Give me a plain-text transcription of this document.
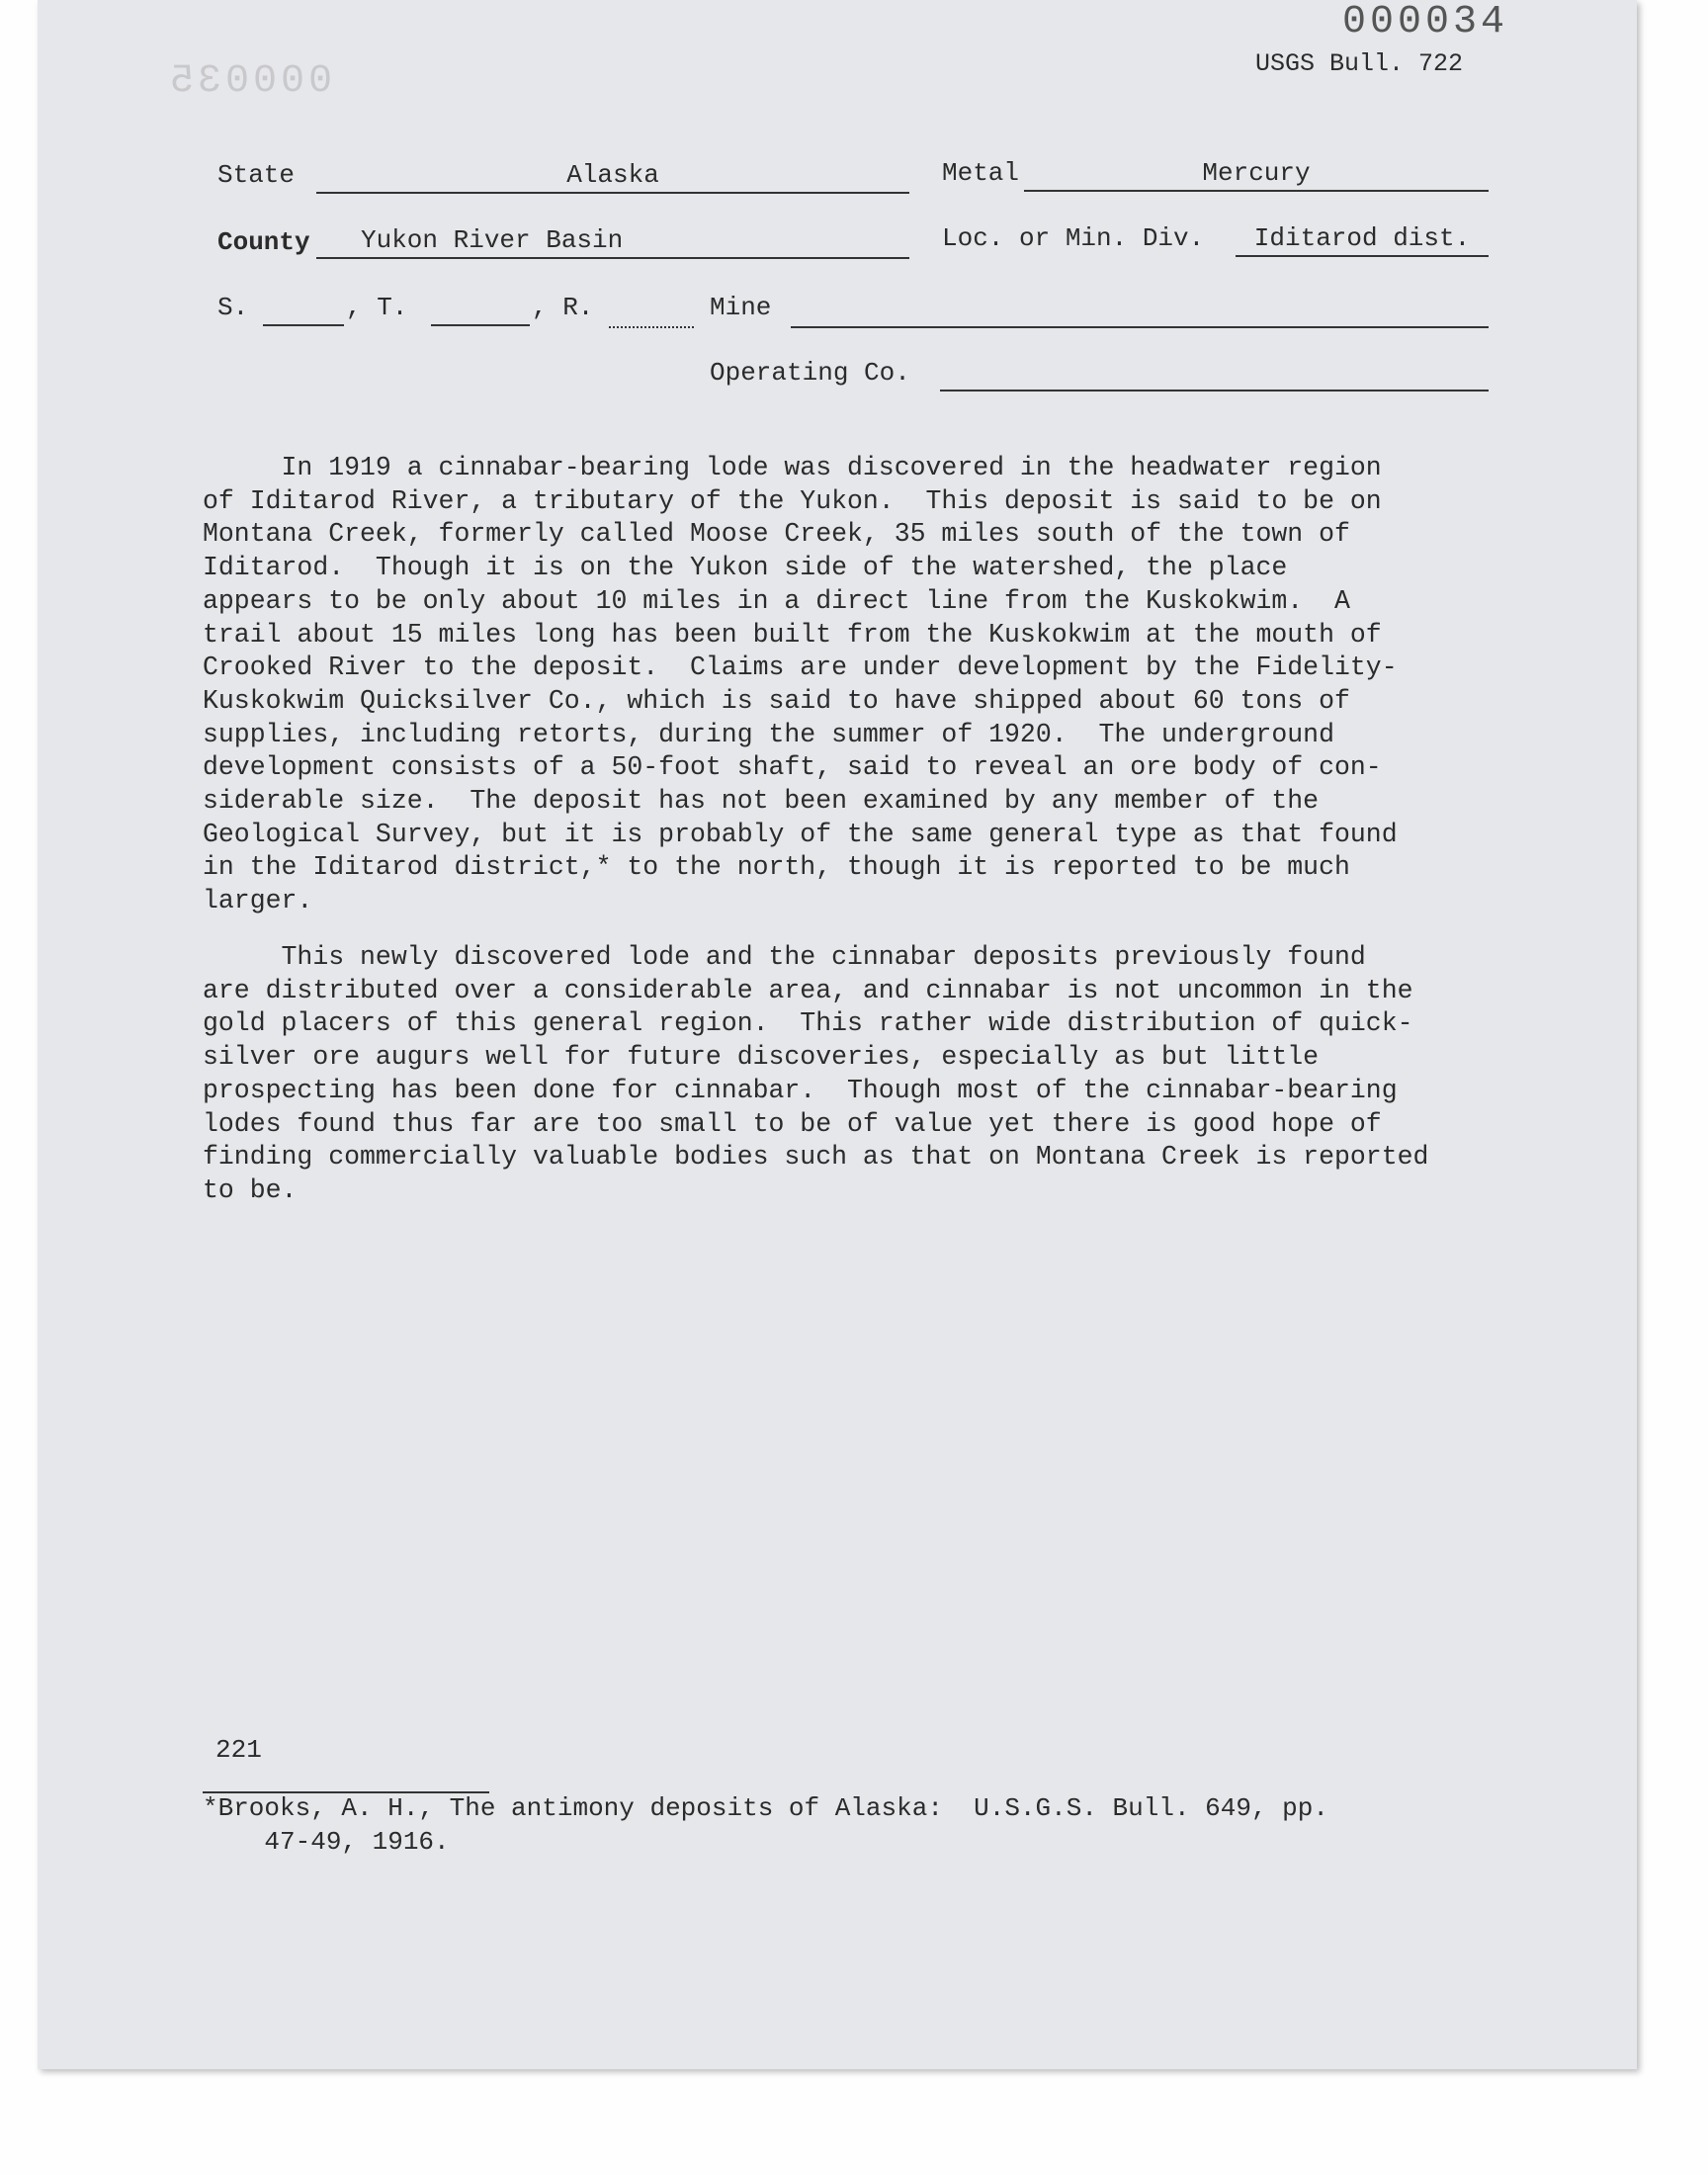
000034
000035	USGS Bull. 722
State	Alaska	Metal	Mercury
County	Yukon River Basin	Loc. or Min. Div.	Iditarod dist.
S.	, T.	, R.	Mine
Operating Co.
In 1919 a cinnabar-bearing lode was discovered in the headwater region
of Iditarod River, a tributary of the Yukon.  This deposit is said to be on
Montana Creek, formerly called Moose Creek, 35 miles south of the town of
Iditarod.  Though it is on the Yukon side of the watershed, the place
appears to be only about 10 miles in a direct line from the Kuskokwim.  A
trail about 15 miles long has been built from the Kuskokwim at the mouth of
Crooked River to the deposit.  Claims are under development by the Fidelity-
Kuskokwim Quicksilver Co., which is said to have shipped about 60 tons of
supplies, including retorts, during the summer of 1920.  The underground
development consists of a 50-foot shaft, said to reveal an ore body of con-
siderable size.  The deposit has not been examined by any member of the
Geological Survey, but it is probably of the same general type as that found
in the Iditarod district,* to the north, though it is reported to be much
larger.
This newly discovered lode and the cinnabar deposits previously found
are distributed over a considerable area, and cinnabar is not uncommon in the
gold placers of this general region.  This rather wide distribution of quick-
silver ore augurs well for future discoveries, especially as but little
prospecting has been done for cinnabar.  Though most of the cinnabar-bearing
lodes found thus far are too small to be of value yet there is good hope of
finding commercially valuable bodies such as that on Montana Creek is reported
to be.
221
*Brooks, A. H., The antimony deposits of Alaska:  U.S.G.S. Bull. 649, pp.
47-49, 1916.
